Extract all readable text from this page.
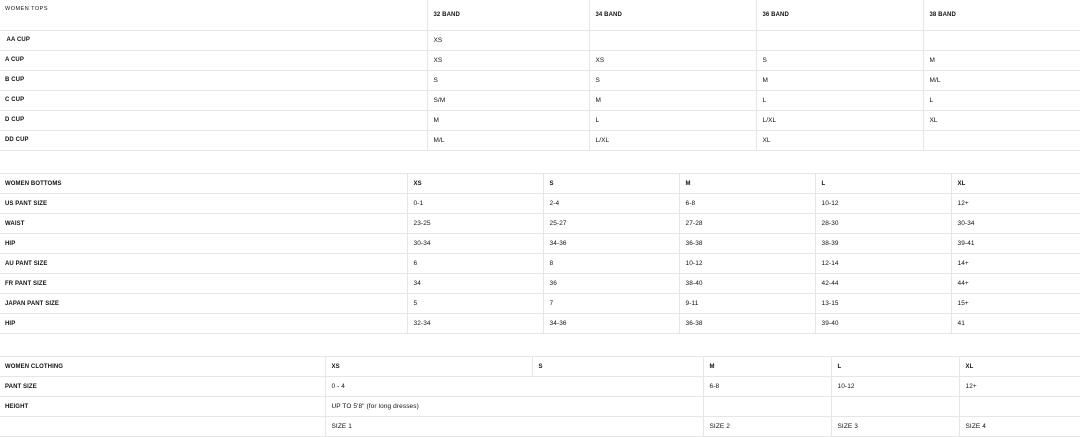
WOMEN TOPS	32 BAND	34 BAND	36 BAND	38 BAND
AA CUP	XS			
A CUP	XS	XS	S	M
B CUP	S	S	M	M/L
C CUP	S/M	M	L	L
D CUP	M	L	L/XL	XL
DD CUP	M/L	L/XL	XL	
WOMEN BOTTOMS	XS	S	M	L	XL
US PANT SIZE	0-1	2-4	6-8	10-12	12+
WAIST	23-25	25-27	27-28	28-30	30-34
HIP	30-34	34-36	36-38	38-39	39-41
AU PANT SIZE	6	8	10-12	12-14	14+
FR PANT SIZE	34	36	38-40	42-44	44+
JAPAN PANT SIZE	5	7	9-11	13-15	15+
HIP	32-34	34-36	36-38	39-40	41
WOMEN CLOTHING	XS	S	M	L	XL
PANT SIZE	0 - 4		6-8	10-12	12+
HEIGHT	UP TO 5'8" (for long dresses)				
	SIZE 1		SIZE 2	SIZE 3	SIZE 4
